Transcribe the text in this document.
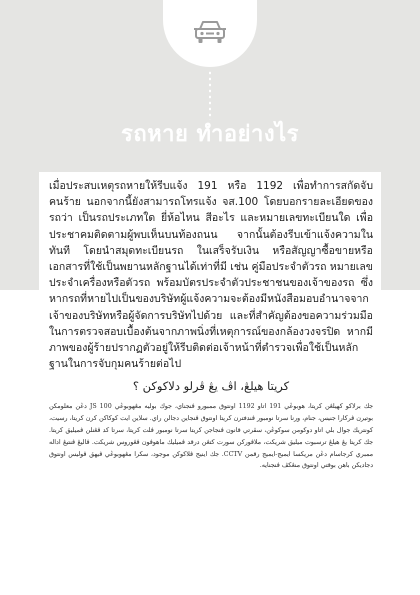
รถหาย ทำอย่างไร

เมื่อประสบเหตุรถหายให้รีบแจ้ง 191 หรือ 1192 เพื่อทำการสกัดจับคนร้าย นอกจากนี้ยังสามารถโทรแจ้ง จส.100 โดยบอกรายละเอียดของรถว่า เป็นรถประเภทใด ยี่ห้อไหน สีอะไร และหมายเลขทะเบียนใด เพื่อประชาคมติดตามผู้พบเห็นบนท้องถนน จากนั้นต้องรีบเข้าแจ้งความในทันที โดยนำสมุดทะเบียนรถ ในเสร็จรับเงิน หรือสัญญาซื้อขายหรือเอกสารที่ใช้เป็นพยานหลักฐานได้เท่าที่มี เช่น คู่มือประจำตัวรถ หมายเลขประจำเครื่องหรือตัวรถ พร้อมบัตรประจำตัวประชาชนของเจ้าของรถ ซึ่งหากรถที่หายไปเป็นของบริษัทผู้แจ้งความจะต้องมีหนังสือมอบอำนาจจากเจ้าของบริษัทหรือผู้จัดการบริษัทไปด้วย และที่สำคัญต้องขอความร่วมมือในการตรวจสอบเบื้องต้นจากภาพนิ่งที่เหตุการณ์ของกล้องวงจรปิด หากมีภาพของผู้ร้ายปรากฏตัวอยู่ให้รีบติดต่อเจ้าหน้าที่ตำรวจเพื่อใช้เป็นหลักฐานในการจับกุมคนร้ายต่อไป

كريتا هيلڠ، اڤ يڠ ڤرلو دلاكوكن ؟

جك برلاكو كهيلڠن كريتا، هوبوڠي 191 اتاو 1192 اونتوق ممبورو ڤنجناي، جوك بوليه مڠهوبوڠي JS 100 دڠن معلومكن بوتيرن ڤركارا جنيس، جنام، ورنا سرتا نومبور ڤندفترن كريتا اونتوق ڤنجاين دجالن راي. سلاين ايت كوكاكن كرن كريتا، رسيت، كونتريك جوال بلي اتاو دوكومن سوكوڠن، سڤرتي قانون ڤنجاجن كريتا سرتا نومبور ڤلت كريتا، سرتا كد ڤڠنلن ڤميليق كريتا. جك كريتا يڠ هيلڠ ترسبوت ميليق شريكت، ملاڤوركن سورت كتڠن درقد ڤميليك ماهوڤون ڤڠوروس شريكت. ڤاليڠ ڤنتيڠ اداله ممبري كرجاسام دڠن مريكسا ايميج-ايميج رقمن CCTV. جك اينيج ڤلاكوكن موجود، سكرا مڠهوبوڠي ڤيهق ڤوليس اونتوق دجاديكن باهن بوقتي اونتوق منڠكڤ ڤنجنايه.
